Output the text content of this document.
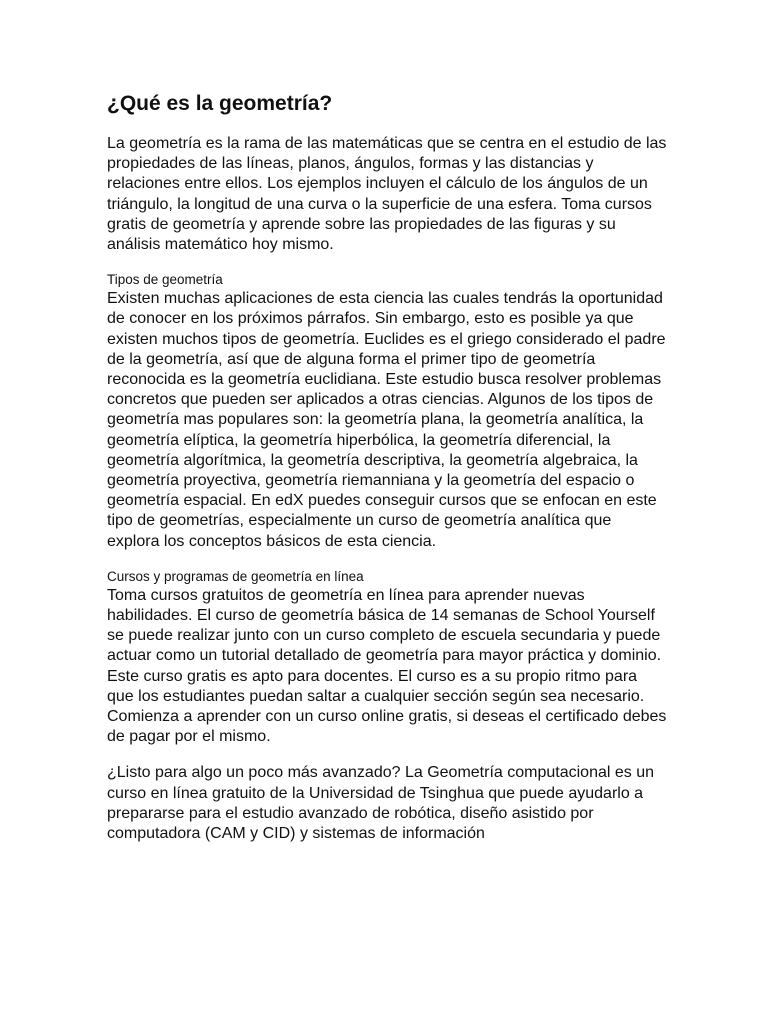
¿Qué es la geometría?

La geometría es la rama de las matemáticas que se centra en el estudio de las propiedades de las líneas, planos, ángulos, formas y las distancias y relaciones entre ellos. Los ejemplos incluyen el cálculo de los ángulos de un triángulo, la longitud de una curva o la superficie de una esfera. Toma cursos gratis de geometría y aprende sobre las propiedades de las figuras y su análisis matemático hoy mismo.

Tipos de geometría

Existen muchas aplicaciones de esta ciencia las cuales tendrás la oportunidad de conocer en los próximos párrafos. Sin embargo, esto es posible ya que existen muchos tipos de geometría. Euclides es el griego considerado el padre de la geometría, así que de alguna forma el primer tipo de geometría reconocida es la geometría euclidiana. Este estudio busca resolver problemas concretos que pueden ser aplicados a otras ciencias. Algunos de los tipos de geometría mas populares son: la geometría plana, la geometría analítica, la geometría elíptica, la geometría hiperbólica, la geometría diferencial, la geometría algorítmica, la geometría descriptiva, la geometría algebraica, la geometría proyectiva, geometría riemanniana y la geometría del espacio o geometría espacial. En edX puedes conseguir cursos que se enfocan en este tipo de geometrías, especialmente un curso de geometría analítica que explora los conceptos básicos de esta ciencia.

Cursos y programas de geometría en línea

Toma cursos gratuitos de geometría en línea para aprender nuevas habilidades. El curso de geometría básica de 14 semanas de School Yourself se puede realizar junto con un curso completo de escuela secundaria y puede actuar como un tutorial detallado de geometría para mayor práctica y dominio. Este curso gratis es apto para docentes. El curso es a su propio ritmo para que los estudiantes puedan saltar a cualquier sección según sea necesario. Comienza a aprender con un curso online gratis, si deseas el certificado debes de pagar por el mismo.

¿Listo para algo un poco más avanzado? La Geometría computacional es un curso en línea gratuito de la Universidad de Tsinghua que puede ayudarlo a prepararse para el estudio avanzado de robótica, diseño asistido por computadora (CAM y CID) y sistemas de información
